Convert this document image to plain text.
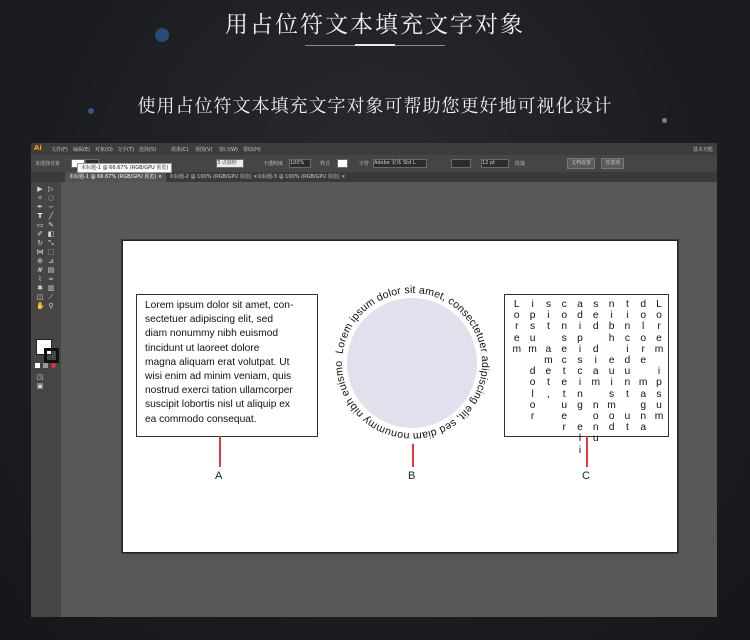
用占位符文本填充文字对象
使用占位符文本填充文字对象可帮助您更好地可视化设计
Ai 文件(F) 编辑(E) 对象(O) 文字(T) 选择(S)	效果(C) 视图(V) 窗口(W) 帮助(H)	基本功能
未选择对象	3 点圆形	不透明度 100%	样式	字符 Adobe 宋体 Std L	12 pt	段落	文档设置	首选项
未标题-1 @ 66.67% (RGB/GPU 预览) ×	未标题-2 @ 100% (RGB/GPU 预览) × 未标题-3 @ 100% (RGB/GPU 预览) ×
未标题-1 @ 66.67% (RGB/GPU 预览)
▶ ▷
✧ ◌
✒ ∽
T ╱
▭ ✎
✐ ◧
↻ ⤡
⋈ ⬚
⊕ ⊿
# ▤
⌇ ∞
✱ ▥
◫ ⟋
✋ ⚲
◳
▣
Lorem ipsum dolor sit amet, con-
sectetuer adipiscing elit, sed
diam nonummy nibh euismod
tincidunt ut laoreet dolore
magna aliquam erat volutpat. Ut
wisi enim ad minim veniam, quis
nostrud exerci tation ullamcorper
suscipit lobortis nisl ut aliquip ex
ea commodo consequat.
A
Lorem ipsum dolor sit amet, consectetuer adipiscing elit, sed diam nonummy nibh euismo
B
L
o
r
e
m

i
p
s
u
m
d
o
l
o
r
e

m
a
g
n
a
t
i
n
c
i
d
u
n
t

u
t
n
i
b
h

e
u
i
s
m
o
d
s
e
d

d
i
a
m

n
o
n
u
a
d
i
p
i
s
c
i
n
g

e
l
i
c
o
n
s
e
c
t
e
t
u
e
r
s
i
t

a
m
e
t
,
i
p
s
u
m

d
o
l
o
r
L
o
r
e
m
C
